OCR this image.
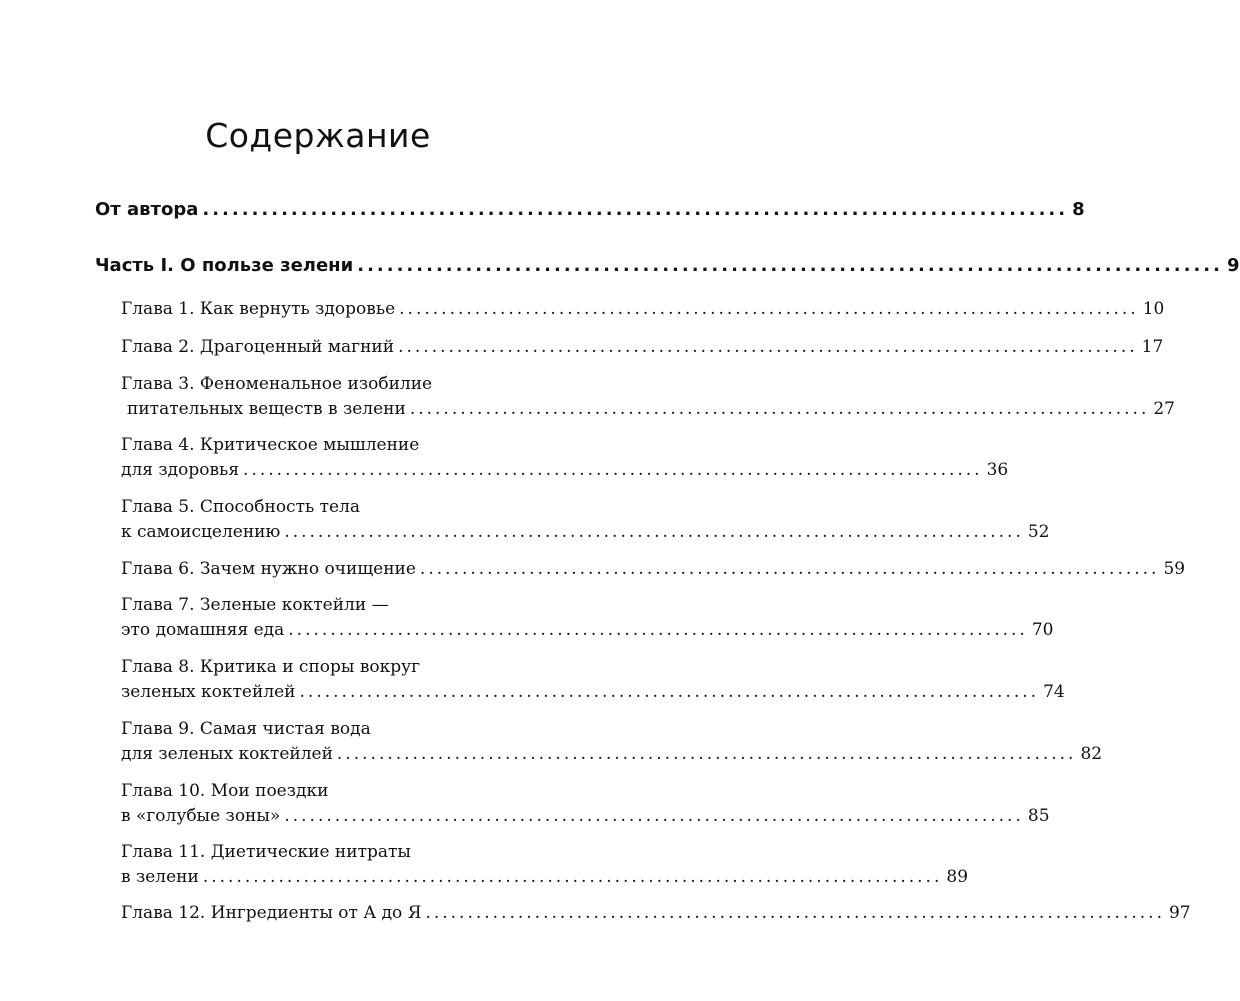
Содержание
От автора ........................................................................................ 8
Часть I. О пользе зелени ........................................................................................ 9
Глава 1. Как вернуть здоровье ........................................................................................ 10
Глава 2. Драгоценный магний ........................................................................................ 17
Глава 3. Феноменальное изобилие
питательных веществ в зелени ........................................................................................ 27
Глава 4. Критическое мышление
для здоровья ........................................................................................ 36
Глава 5. Способность тела
к самоисцелению ........................................................................................ 52
Глава 6. Зачем нужно очищение ........................................................................................ 59
Глава 7. Зеленые коктейли —
это домашняя еда ........................................................................................ 70
Глава 8. Критика и споры вокруг
зеленых коктейлей ........................................................................................ 74
Глава 9. Самая чистая вода
для зеленых коктейлей ........................................................................................ 82
Глава 10. Мои поездки
в «голубые зоны» ........................................................................................ 85
Глава 11. Диетические нитраты
в зелени ........................................................................................ 89
Глава 12. Ингредиенты от А до Я ........................................................................................ 97
